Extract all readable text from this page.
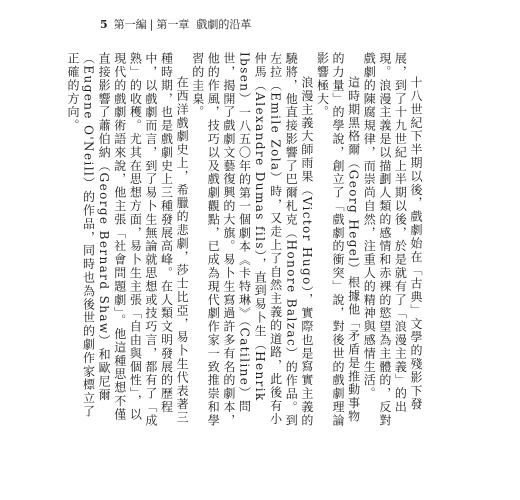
5 第一編 | 第一章 戲劇的沿革

十八世紀下半期以後，戲劇始在「古典」文學的殘影下發展，到了十九世紀上半期以後，於是就有了「浪漫主義」的出現。浪漫主義是以描劃人類的感情和赤裸的慾望為主體的，反對戲劇的陳腐規律，而崇尚自然，注重人的精神與感情生活。

這時期黑格爾（Georg Hegel）根據他「矛盾是推動事物的力量」的學說，創立了「戲劇的衝突」說，對後世的戲劇理論影響極大。

浪漫主義大師雨果（Victor Hugo），實際也是寫實主義的驍將，他直接影響了巴爾札克（Honore Balzac）的作品。到左拉（Emile Zola）時，又走上了自然主義的道路，此後有小仲馬（Alexandre Dumas fils），直到易卜生（Henrik Ibsen）一八五〇年的第一個劇本《卡特琳》（Catiline）問世，揭開了戲劇文藝復興的大旗。易卜生寫過許多有名的劇本，他的作風，技巧以及戲劇觀點，已成為現代劇作家一致推崇和學習的圭臬。

在西洋戲劇史上，希臘的悲劇，莎士比亞，易卜生代表著三種時期，也是戲劇史上三種發展高峰。在人類文明發展的歷程中，以戲劇而言，到了易卜生無論就思想或技巧言，都有了「成熟」的收穫。尤其在思想方面，易卜生主張「自由與個性」，以現代的戲劇術語來說，他主張「社會問題劇」。他這種思想不僅直接影響了蕭伯納（George Bernard Shaw）和歐尼爾（Eugene O'Neill）的作品，同時也為後世的劇作家標立了正確的方向。
